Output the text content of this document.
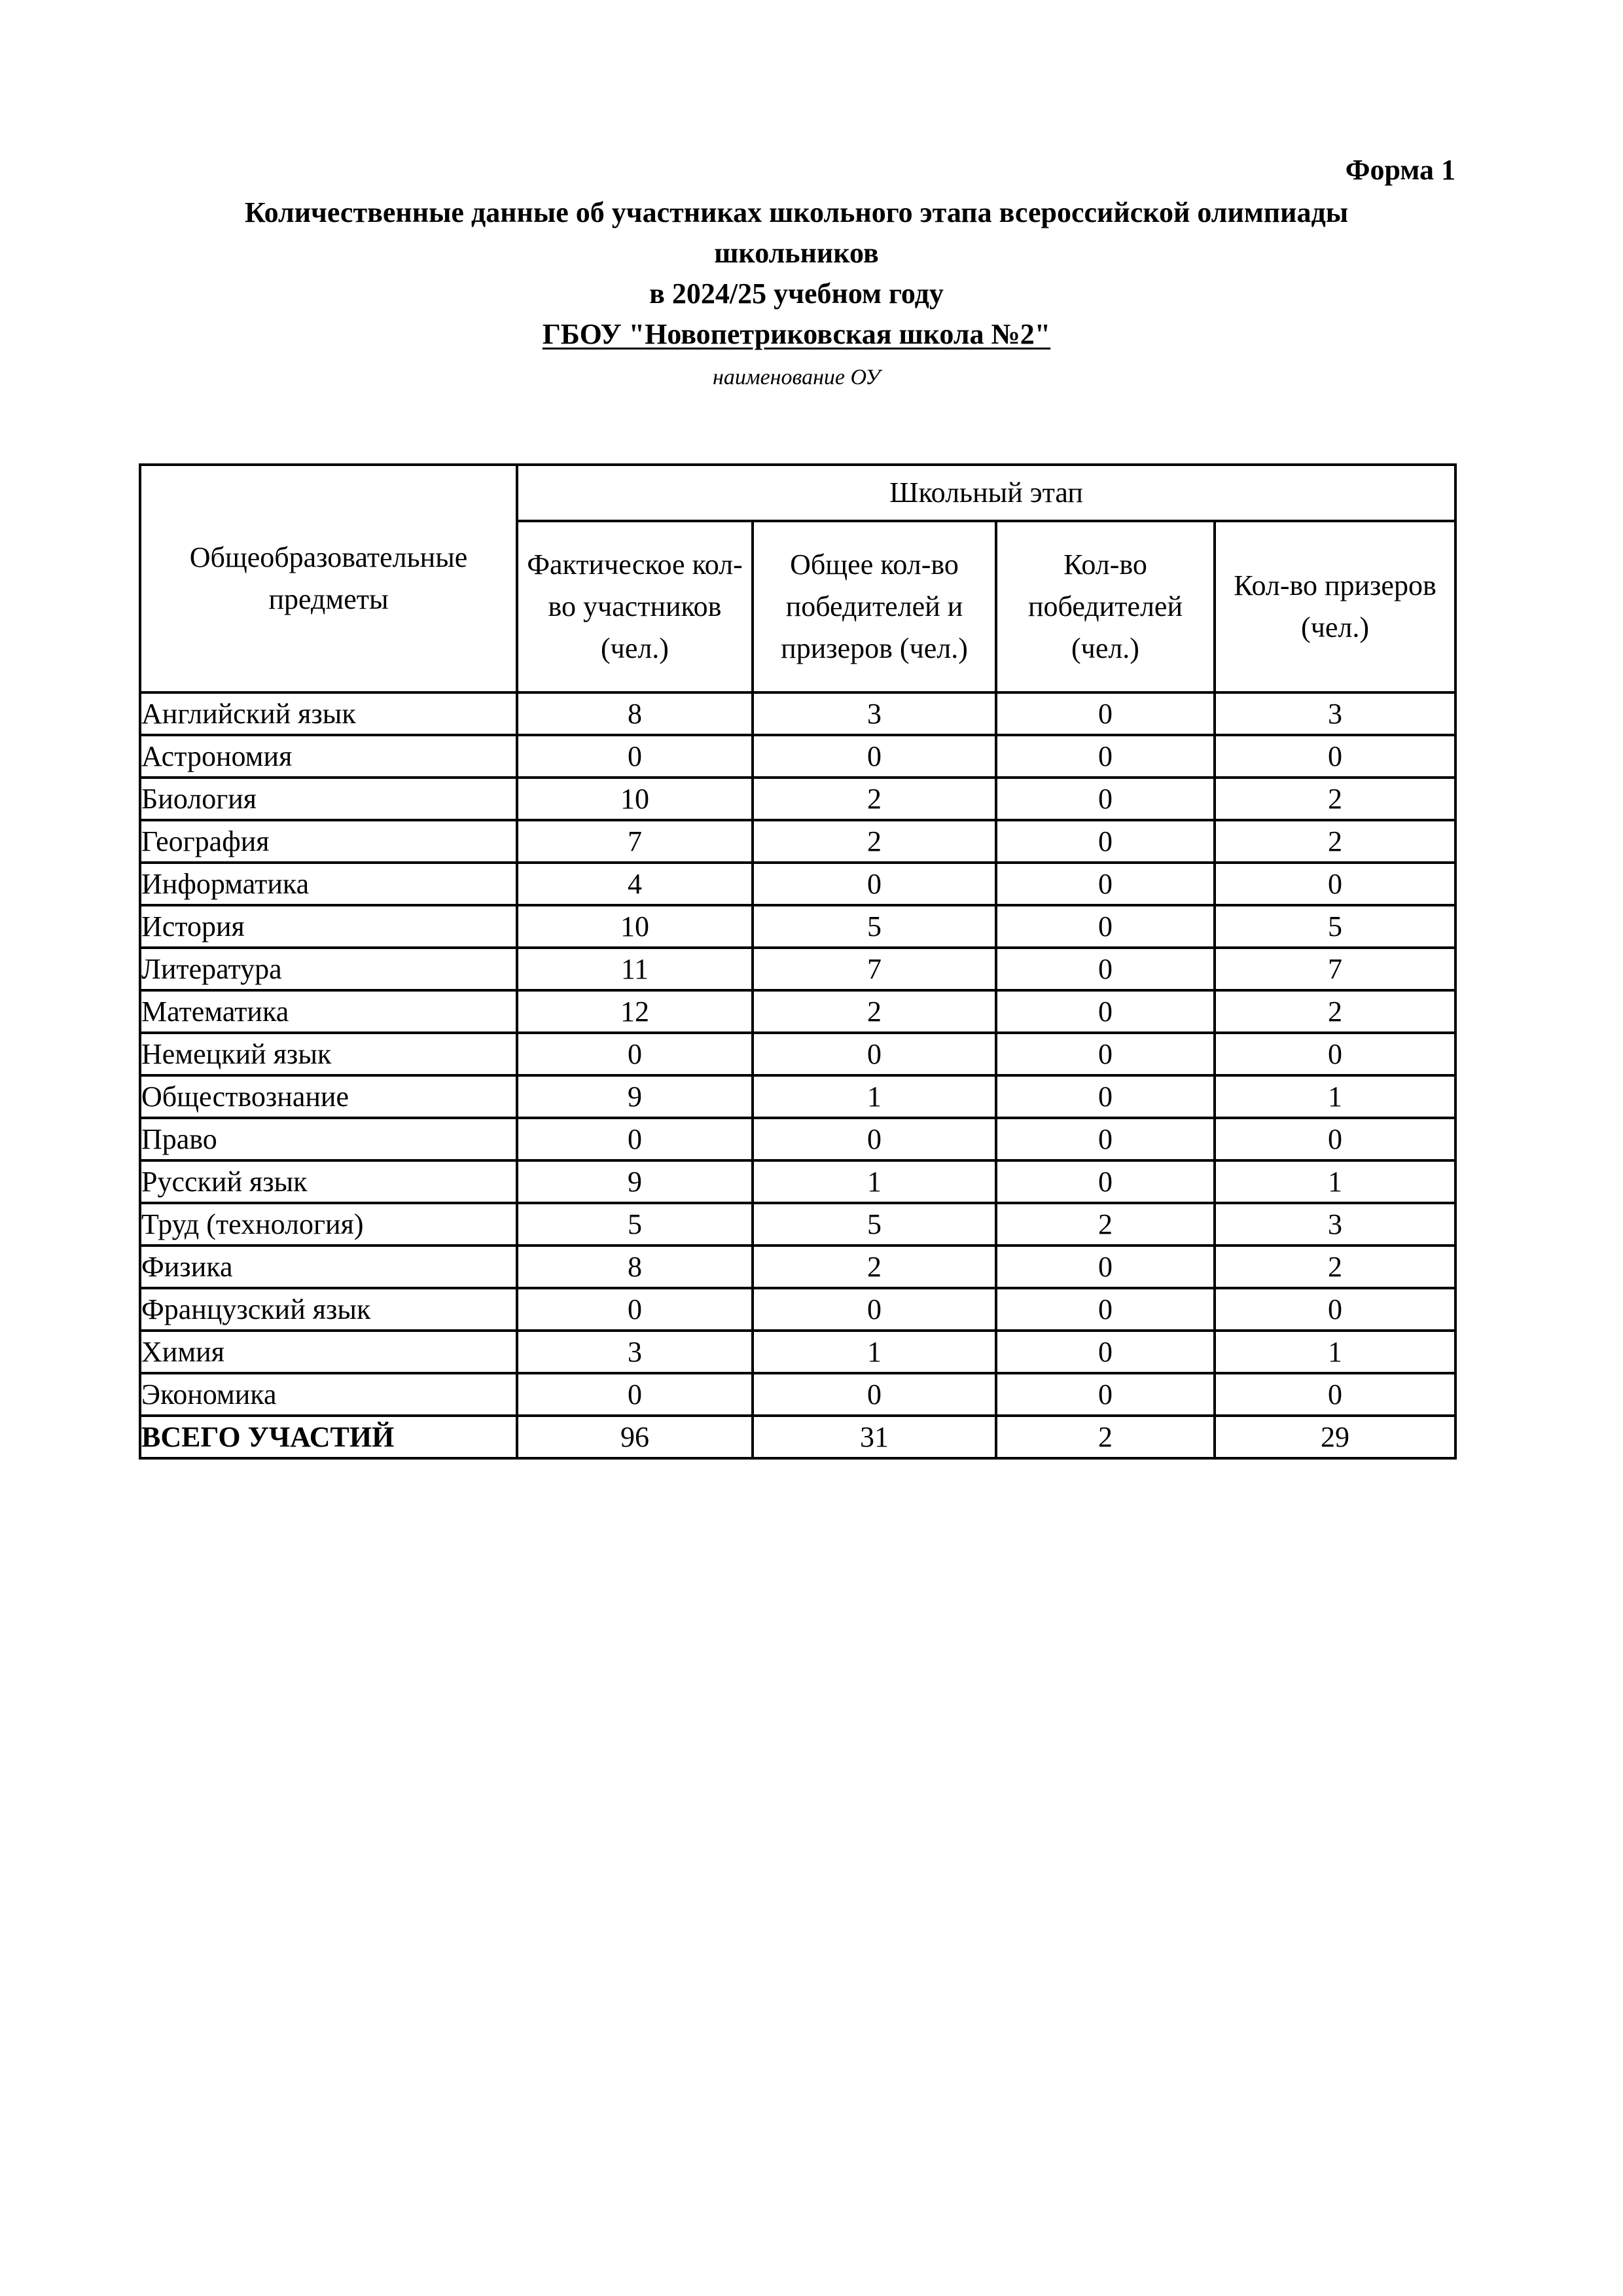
Форма 1
Количественные данные об участниках школьного этапа всероссийской олимпиады
школьников
в 2024/25 учебном году
ГБОУ "Новопетриковская школа №2"
наименование ОУ
Общеобразовательные предметы	Школьный этап			
	Фактическое кол-во участников (чел.)	Общее кол-во победителей и призеров (чел.)	Кол-во победителей (чел.)	Кол-во призеров (чел.)
Английский язык	8	3	0	3
Астрономия	0	0	0	0
Биология	10	2	0	2
География	7	2	0	2
Информатика	4	0	0	0
История	10	5	0	5
Литература	11	7	0	7
Математика	12	2	0	2
Немецкий язык	0	0	0	0
Обществознание	9	1	0	1
Право	0	0	0	0
Русский язык	9	1	0	1
Труд (технология)	5	5	2	3
Физика	8	2	0	2
Французский язык	0	0	0	0
Химия	3	1	0	1
Экономика	0	0	0	0
ВСЕГО УЧАСТИЙ	96	31	2	29
